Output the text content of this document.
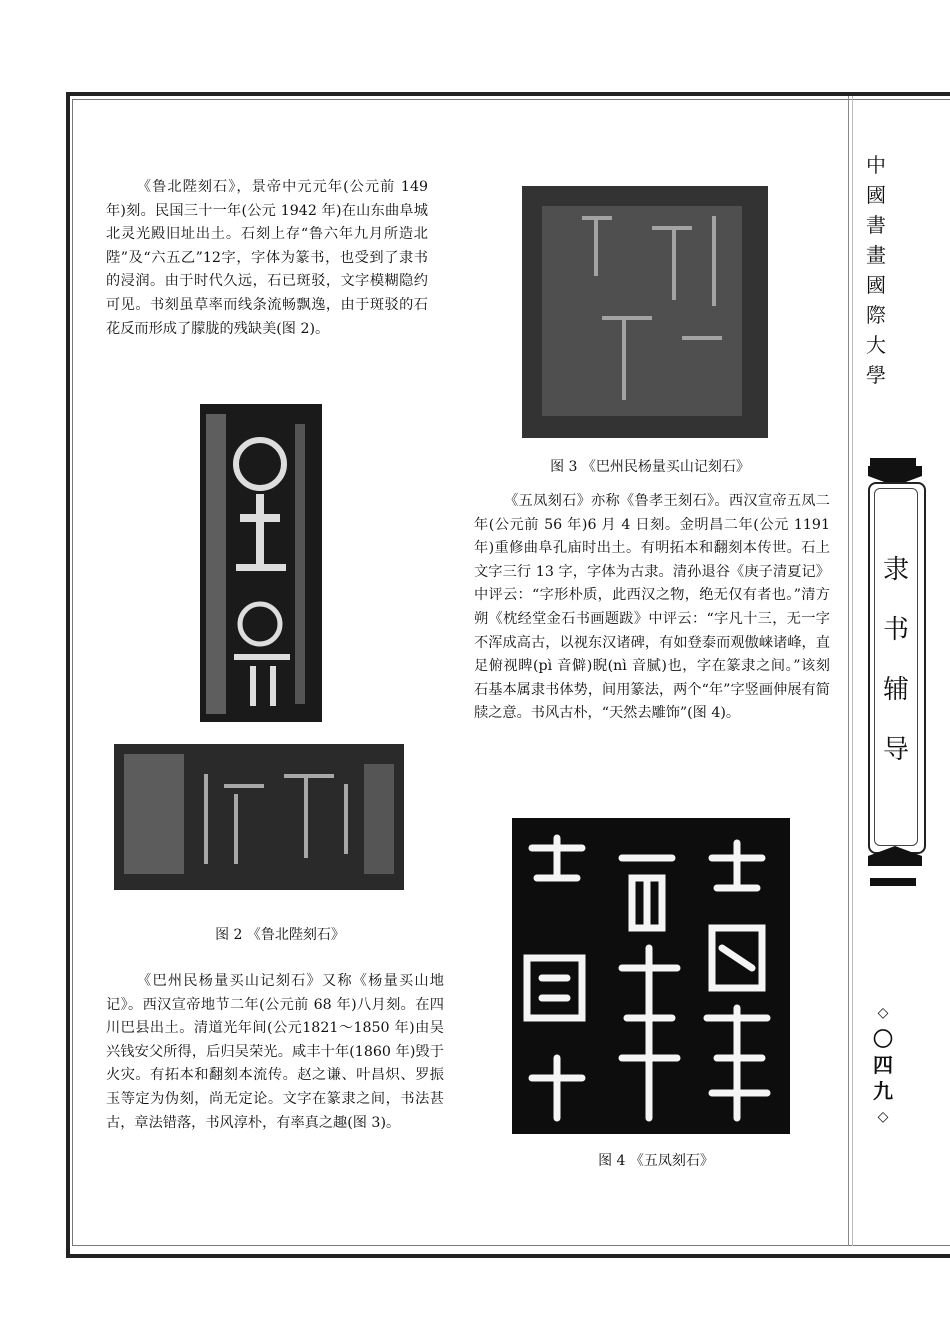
《鲁北陛刻石》，景帝中元元年(公元前 149 年)刻。民国三十一年(公元 1942 年)在山东曲阜城北灵光殿旧址出土。石刻上存“鲁六年九月所造北陛”及“六五乙”12字，字体为篆书，也受到了隶书的浸润。由于时代久远，石已斑驳，文字模糊隐约可见。书刻虽草率而线条流畅飘逸，由于斑驳的石花反而形成了朦胧的残缺美(图 2)。

图 2 《鲁北陛刻石》

《巴州民杨量买山记刻石》又称《杨量买山地记》。西汉宣帝地节二年(公元前 68 年)八月刻。在四川巴县出土。清道光年间(公元1821～1850 年)由吴兴钱安父所得，后归吴荣光。咸丰十年(1860 年)毁于火灾。有拓本和翻刻本流传。赵之谦、叶昌炽、罗振玉等定为伪刻，尚无定论。文字在篆隶之间，书法甚古，章法错落，书风淳朴，有率真之趣(图 3)。

图 3 《巴州民杨量买山记刻石》

《五凤刻石》亦称《鲁孝王刻石》。西汉宣帝五凤二年(公元前 56 年)6 月 4 日刻。金明昌二年(公元 1191 年)重修曲阜孔庙时出土。有明拓本和翻刻本传世。石上文字三行 13 字，字体为古隶。清孙退谷《庚子清夏记》中评云：“字形朴质，此西汉之物，绝无仅有者也。”清方朔《枕经堂金石书画题跋》中评云：“字凡十三，无一字不浑成高古，以视东汉诸碑，有如登泰而观傲崃诸峰，直足俯视睥(pì 音僻)睨(nì 音腻)也，字在篆隶之间。”该刻石基本属隶书体势，间用篆法，两个“年”字竖画伸展有简牍之意。书风古朴，“天然去雕饰”(图 4)。

图 4 《五凤刻石》
中
國
書
畫
國
際
大
學
隶
书
辅
导
◇
〇
四
九
◇
